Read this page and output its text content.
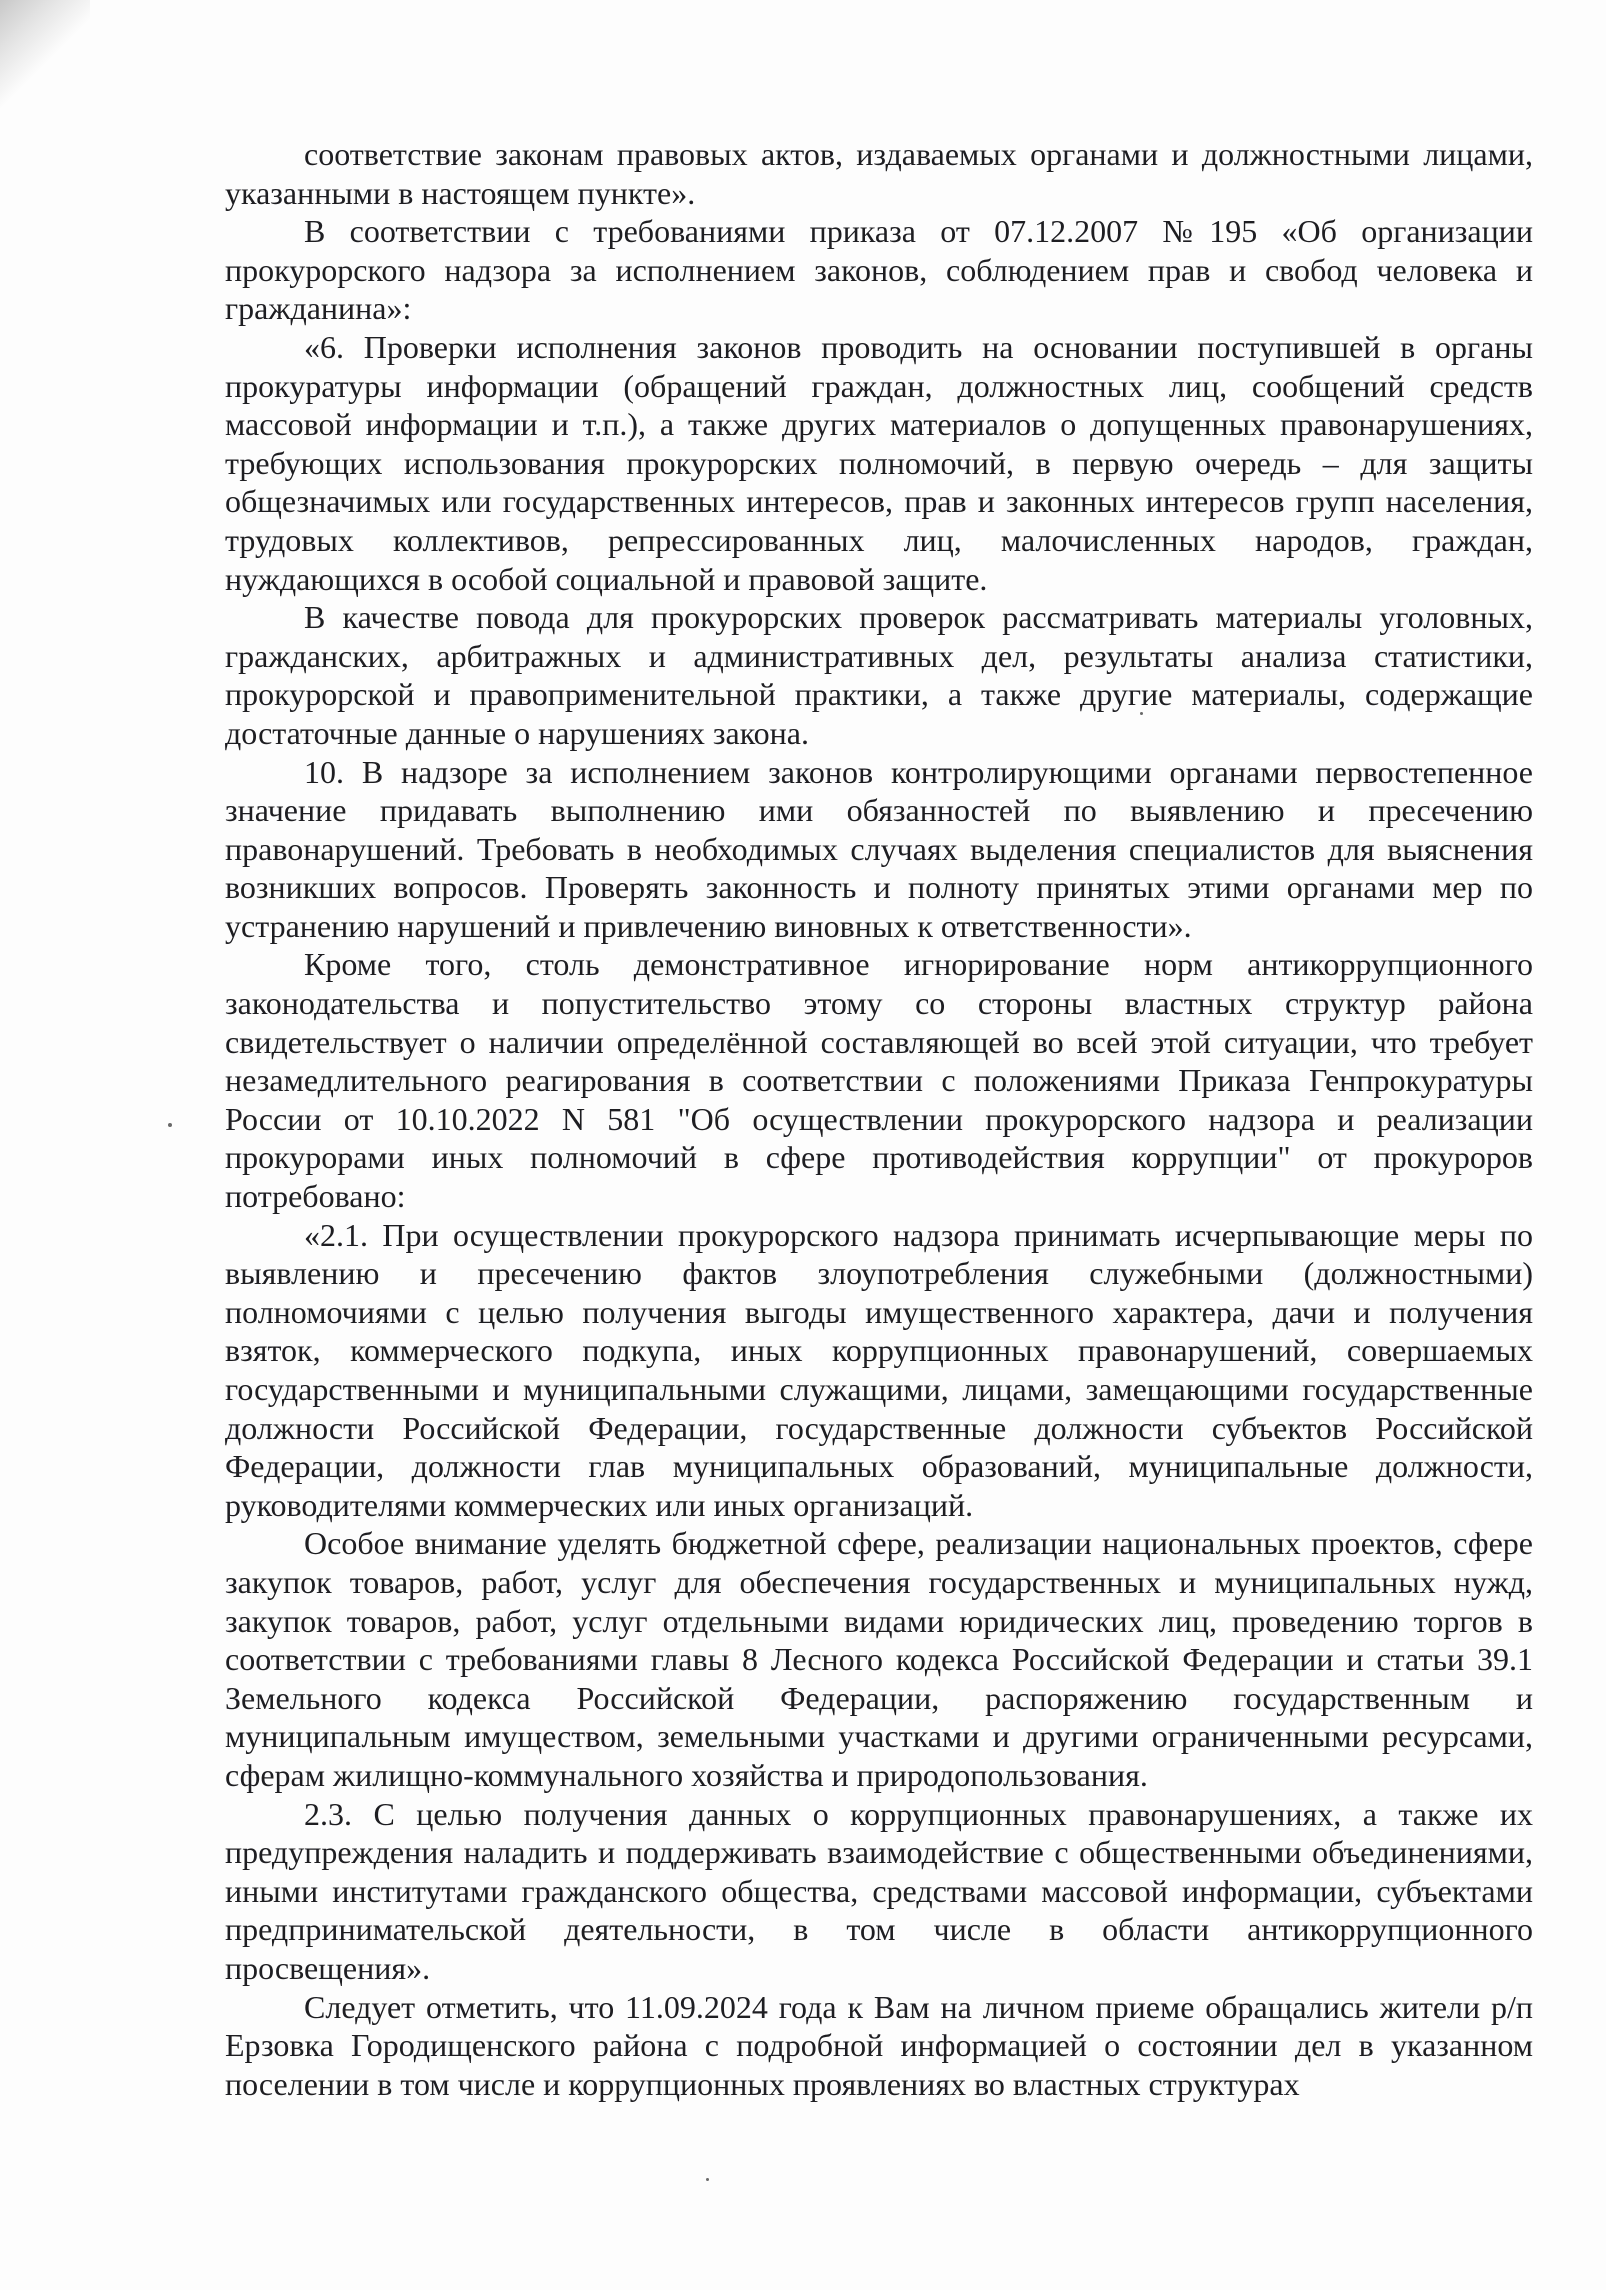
соответствие законам правовых актов, издаваемых органами и должностными лицами, указанными в настоящем пункте».

В соответствии с требованиями приказа от 07.12.2007 №195 «Об организации прокурорского надзора за исполнением законов, соблюдением прав и свобод человека и гражданина»:

«6. Проверки исполнения законов проводить на основании поступившей в органы прокуратуры информации (обращений граждан, должностных лиц, сообщений средств массовой информации и т.п.), а также других материалов о допущенных правонарушениях, требующих использования прокурорских полномочий, в первую очередь – для защиты общезначимых или государственных интересов, прав и законных интересов групп населения, трудовых коллективов, репрессированных лиц, малочисленных народов, граждан, нуждающихся в особой социальной и правовой защите.

В качестве повода для прокурорских проверок рассматривать материалы уголовных, гражданских, арбитражных и административных дел, результаты анализа статистики, прокурорской и правоприменительной практики, а также другие материалы, содержащие достаточные данные о нарушениях закона.

10. В надзоре за исполнением законов контролирующими органами первостепенное значение придавать выполнению ими обязанностей по выявлению и пресечению правонарушений. Требовать в необходимых случаях выделения специалистов для выяснения возникших вопросов. Проверять законность и полноту принятых этими органами мер по устранению нарушений и привлечению виновных к ответственности».

Кроме того, столь демонстративное игнорирование норм антикоррупционного законодательства и попустительство этому со стороны властных структур района свидетельствует о наличии определённой составляющей во всей этой ситуации, что требует незамедлительного реагирования в соответствии с положениями Приказа Генпрокуратуры России от 10.10.2022 N 581 "Об осуществлении прокурорского надзора и реализации прокурорами иных полномочий в сфере противодействия коррупции" от прокуроров потребовано:

«2.1. При осуществлении прокурорского надзора принимать исчерпывающие меры по выявлению и пресечению фактов злоупотребления служебными (должностными) полномочиями с целью получения выгоды имущественного характера, дачи и получения взяток, коммерческого подкупа, иных коррупционных правонарушений, совершаемых государственными и муниципальными служащими, лицами, замещающими государственные должности Российской Федерации, государственные должности субъектов Российской Федерации, должности глав муниципальных образований, муниципальные должности, руководителями коммерческих или иных организаций.

Особое внимание уделять бюджетной сфере, реализации национальных проектов, сфере закупок товаров, работ, услуг для обеспечения государственных и муниципальных нужд, закупок товаров, работ, услуг отдельными видами юридических лиц, проведению торгов в соответствии с требованиями главы 8 Лесного кодекса Российской Федерации и статьи 39.1 Земельного кодекса Российской Федерации, распоряжению государственным и муниципальным имуществом, земельными участками и другими ограниченными ресурсами, сферам жилищно-коммунального хозяйства и природопользования.

2.3. С целью получения данных о коррупционных правонарушениях, а также их предупреждения наладить и поддерживать взаимодействие с общественными объединениями, иными институтами гражданского общества, средствами массовой информации, субъектами предпринимательской деятельности, в том числе в области антикоррупционного просвещения».

Следует отметить, что 11.09.2024 года к Вам на личном приеме обращались жители р/п Ерзовка Городищенского района с подробной информацией о состоянии дел в указанном поселении в том числе и коррупционных проявлениях во властных структурах
